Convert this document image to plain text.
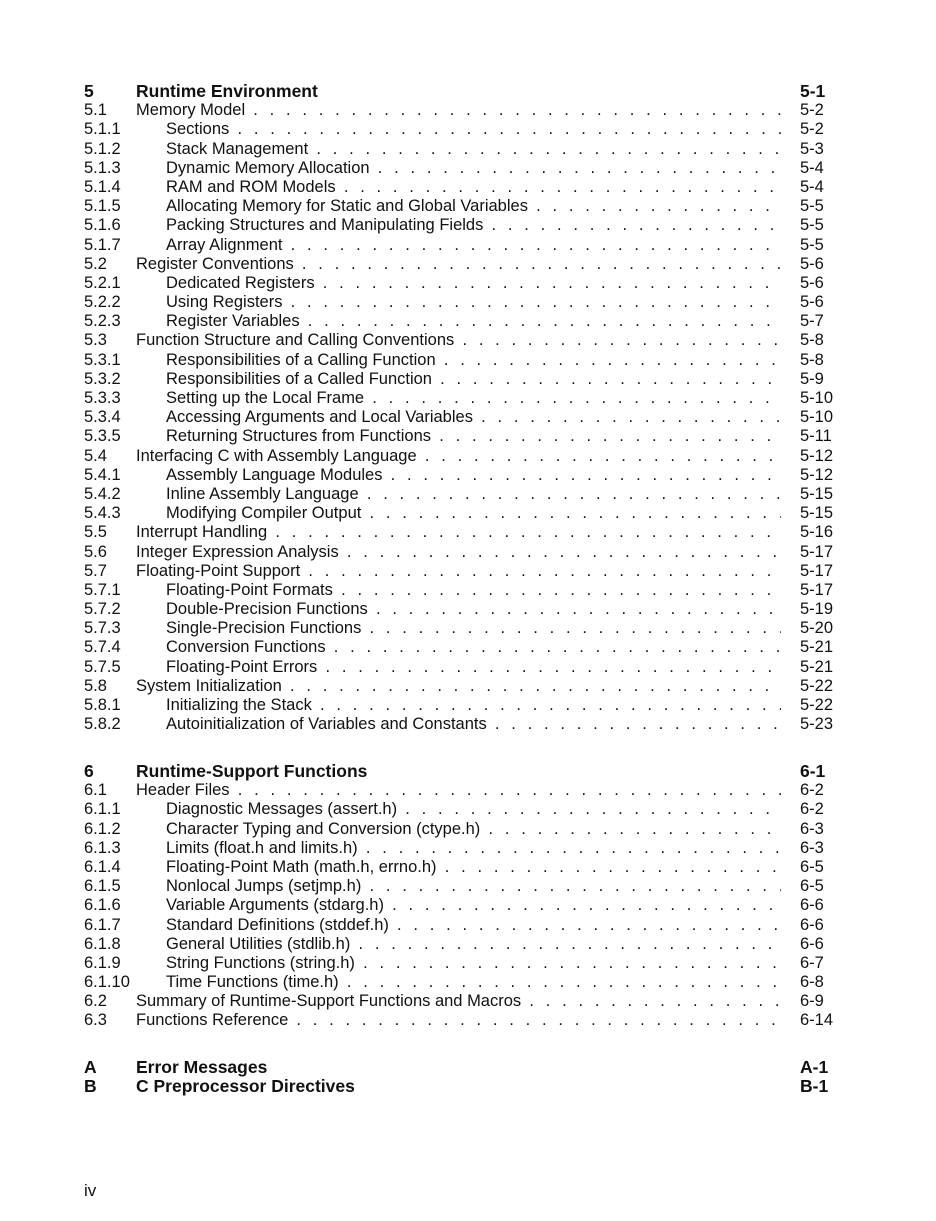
5 Runtime Environment	5-1
5.1 Memory Model . . .	5-2
5.1.1	Sections . . .	5-2
5.1.2	Stack Management . . .	5-3
5.1.3	Dynamic Memory Allocation . . .	5-4
5.1.4	RAM and ROM Models . . .	5-4
5.1.5	Allocating Memory for Static and Global Variables . . .	5-5
5.1.6	Packing Structures and Manipulating Fields . . .	5-5
5.1.7	Array Alignment . . .	5-5
5.2 Register Conventions . . .	5-6
5.2.1	Dedicated Registers . . .	5-6
5.2.2	Using Registers . . .	5-6
5.2.3	Register Variables . . .	5-7
5.3 Function Structure and Calling Conventions . . .	5-8
5.3.1	Responsibilities of a Calling Function . . .	5-8
5.3.2	Responsibilities of a Called Function . . .	5-9
5.3.3	Setting up the Local Frame . . .	5-10
5.3.4	Accessing Arguments and Local Variables . . .	5-10
5.3.5	Returning Structures from Functions . . .	5-11
5.4 Interfacing C with Assembly Language . . .	5-12
5.4.1	Assembly Language Modules . . .	5-12
5.4.2	Inline Assembly Language . . .	5-15
5.4.3	Modifying Compiler Output . . .	5-15
5.5 Interrupt Handling . . .	5-16
5.6 Integer Expression Analysis . . .	5-17
5.7 Floating-Point Support . . .	5-17
5.7.1	Floating-Point Formats . . .	5-17
5.7.2	Double-Precision Functions . . .	5-19
5.7.3	Single-Precision Functions . . .	5-20
5.7.4	Conversion Functions . . .	5-21
5.7.5	Floating-Point Errors . . .	5-21
5.8 System Initialization . . .	5-22
5.8.1	Initializing the Stack . . .	5-22
5.8.2	Autoinitialization of Variables and Constants . . .	5-23
6 Runtime-Support Functions	6-1
6.1 Header Files . . .	6-2
6.1.1	Diagnostic Messages (assert.h) . . .	6-2
6.1.2	Character Typing and Conversion (ctype.h) . . .	6-3
6.1.3	Limits (float.h and limits.h) . . .	6-3
6.1.4	Floating-Point Math (math.h, errno.h) . . .	6-5
6.1.5	Nonlocal Jumps (setjmp.h) . . .	6-5
6.1.6	Variable Arguments (stdarg.h) . . .	6-6
6.1.7	Standard Definitions (stddef.h) . . .	6-6
6.1.8	General Utilities (stdlib.h) . . .	6-6
6.1.9	String Functions (string.h) . . .	6-7
6.1.10 Time Functions (time.h) . . .	6-8
6.2 Summary of Runtime-Support Functions and Macros . . .	6-9
6.3 Functions Reference . . .	6-14
A Error Messages	A-1
B C Preprocessor Directives	B-1
iv
